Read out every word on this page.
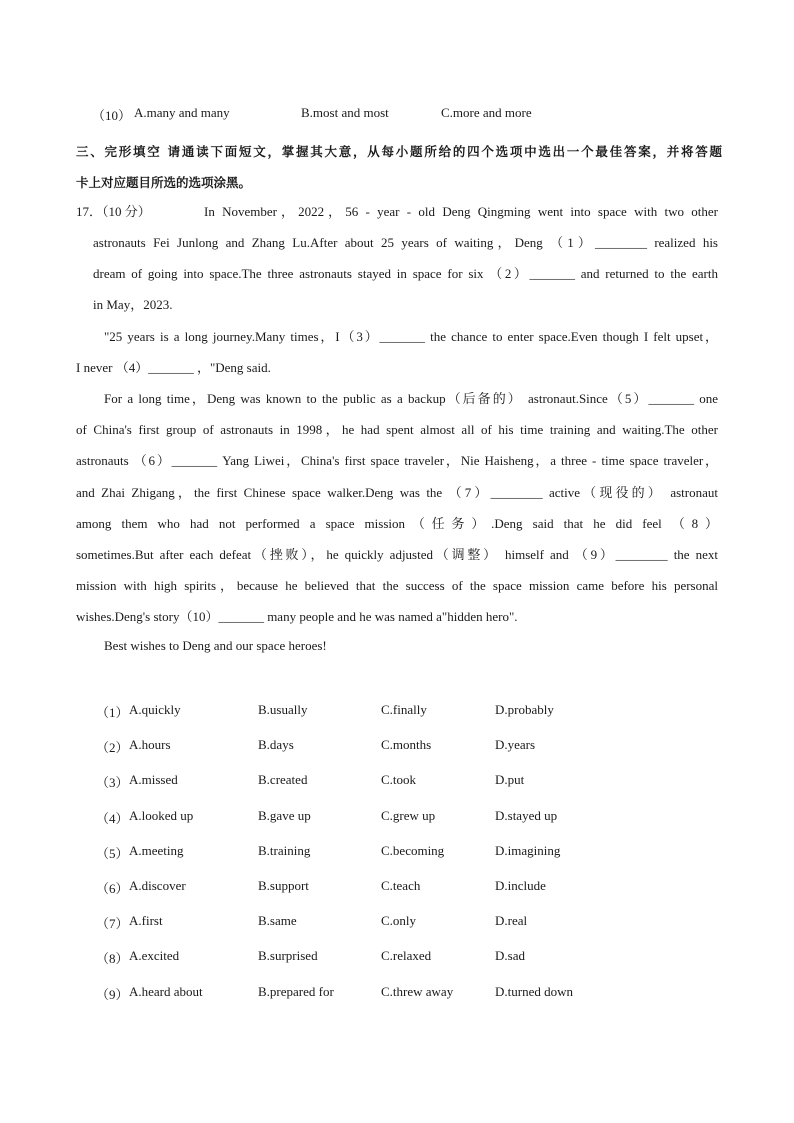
（10） A.many and many	B.most and most	C.more and more
三、完形填空 请通读下面短文，掌握其大意，从每小题所给的四个选项中选出一个最佳答案，并将答题
卡上对应题目所选的选项涂黑。
17．（10 分）	In November，2022，56 - year - old Deng Qingming went into space with two other
astronauts Fei Junlong and Zhang Lu.After about 25 years of waiting，Deng （1）________ realized his
dream of going into space.The three astronauts stayed in space for six （2）_______ and returned to the earth
in May，2023.
"25 years is a long journey.Many times，I（3）_______ the chance to enter space.Even though I felt upset，
I never （4）_______ ，"Deng said.
For a long time，Deng was known to the public as a backup（后备的） astronaut.Since（5）_______ one
of China's first group of astronauts in 1998，he had spent almost all of his time training and waiting.The other
astronauts （6）_______ Yang Liwei，China's first space traveler，Nie Haisheng，a three - time space traveler，
and Zhai Zhigang，the first Chinese space walker.Deng was the （7）________ active（现役的） astronaut
among them who had not performed a space mission（任务）.Deng said that he did feel （8）
sometimes.But after each defeat（挫败），he quickly adjusted（调整） himself and （9）________ the next
mission with high spirits，because he believed that the success of the space mission came before his personal
wishes.Deng's story（10）_______ many people and he was named a"hidden hero".
Best wishes to Deng and our space heroes!
（1） A.quickly	B.usually	C.finally	D.probably
（2） A.hours	B.days	C.months	D.years
（3） A.missed	B.created	C.took	D.put
（4） A.looked up	B.gave up	C.grew up	D.stayed up
（5） A.meeting	B.training	C.becoming	D.imagining
（6） A.discover	B.support	C.teach	D.include
（7） A.first	B.same	C.only	D.real
（8） A.excited	B.surprised	C.relaxed	D.sad
（9） A.heard about	B.prepared for	C.threw away	D.turned down
